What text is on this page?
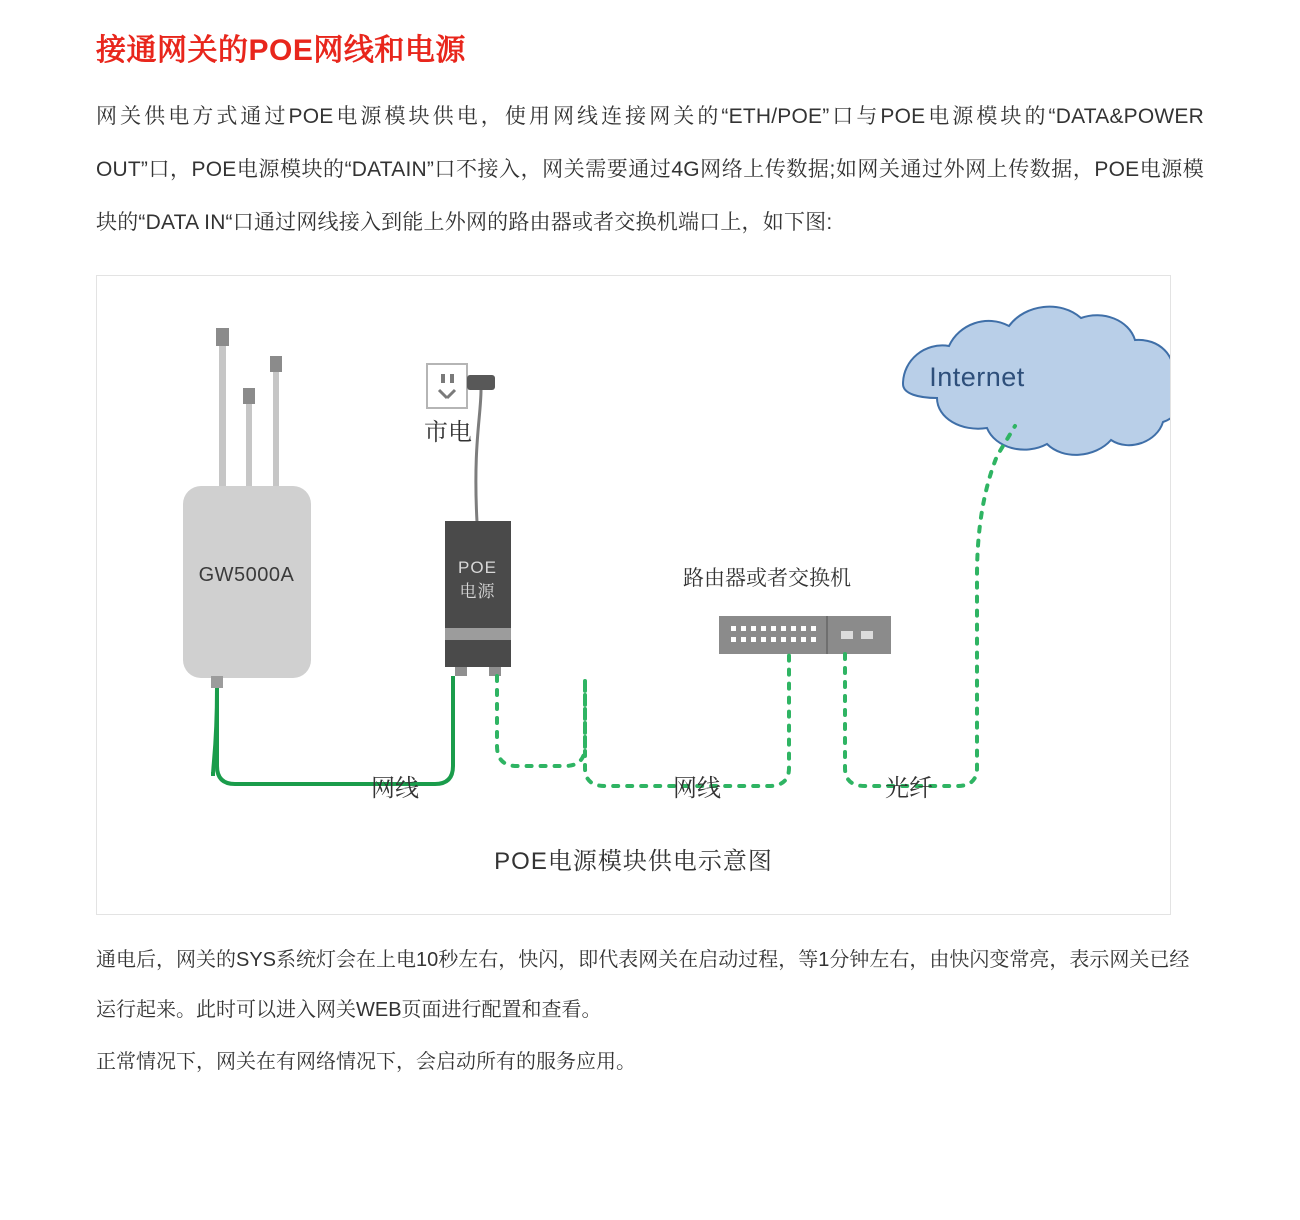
接通网关的POE网线和电源

网关供电方式通过POE电源模块供电，使用网线连接网关的“ETH/POE”口与POE电源模块的“DATA&POWER　OUT”口，POE电源模块的“DATAIN”口不接入，网关需要通过4G网络上传数据;如网关通过外网上传数据，POE电源模块的“DATA IN“口通过网线接入到能上外网的路由器或者交换机端口上，如下图:

GW5000A
市电
POE
电源
路由器或者交换机
Internet
网线	网线	光纤
POE电源模块供电示意图

通电后，网关的SYS系统灯会在上电10秒左右，快闪，即代表网关在启动过程，等1分钟左右，由快闪变常亮，表示网关已经运行起来。此时可以进入网关WEB页面进行配置和查看。

正常情况下，网关在有网络情况下，会启动所有的服务应用。
